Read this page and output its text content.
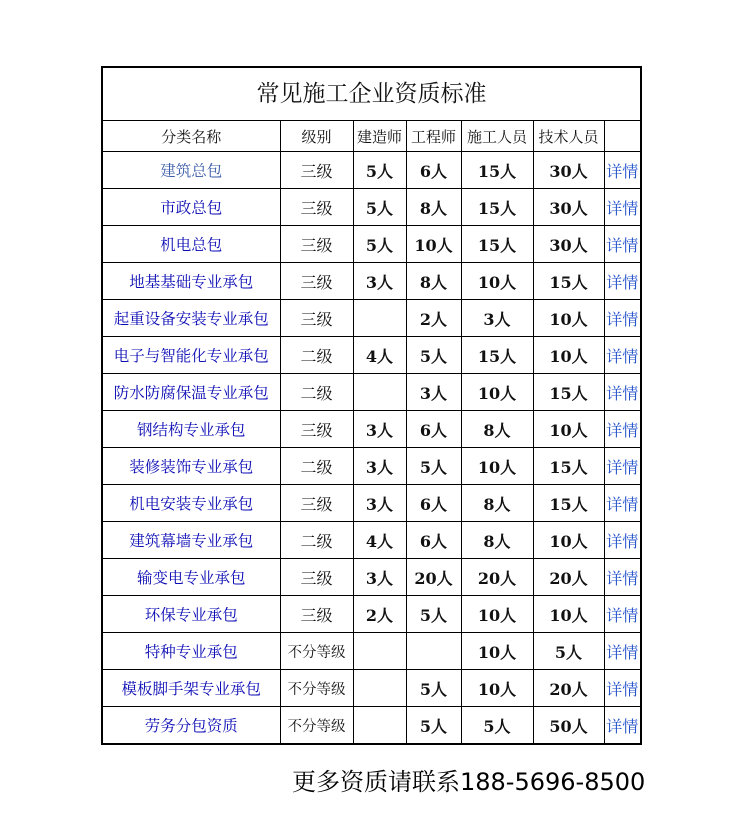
常见施工企业资质标准
分类名称	级别	建造师	工程师	施工人员	技术人员	
建筑总包	三级	5人	6人	15人	30人	详情
市政总包	三级	5人	8人	15人	30人	详情
机电总包	三级	5人	10人	15人	30人	详情
地基基础专业承包	三级	3人	8人	10人	15人	详情
起重设备安装专业承包	三级		2人	3人	10人	详情
电子与智能化专业承包	二级	4人	5人	15人	10人	详情
防水防腐保温专业承包	二级		3人	10人	15人	详情
钢结构专业承包	三级	3人	6人	8人	10人	详情
装修装饰专业承包	二级	3人	5人	10人	15人	详情
机电安装专业承包	三级	3人	6人	8人	15人	详情
建筑幕墙专业承包	二级	4人	6人	8人	10人	详情
输变电专业承包	三级	3人	20人	20人	20人	详情
环保专业承包	三级	2人	5人	10人	10人	详情
特种专业承包	不分等级			10人	5人	详情
模板脚手架专业承包	不分等级		5人	10人	20人	详情
劳务分包资质	不分等级		5人	5人	50人	详情
更多资质请联系188-5696-8500
